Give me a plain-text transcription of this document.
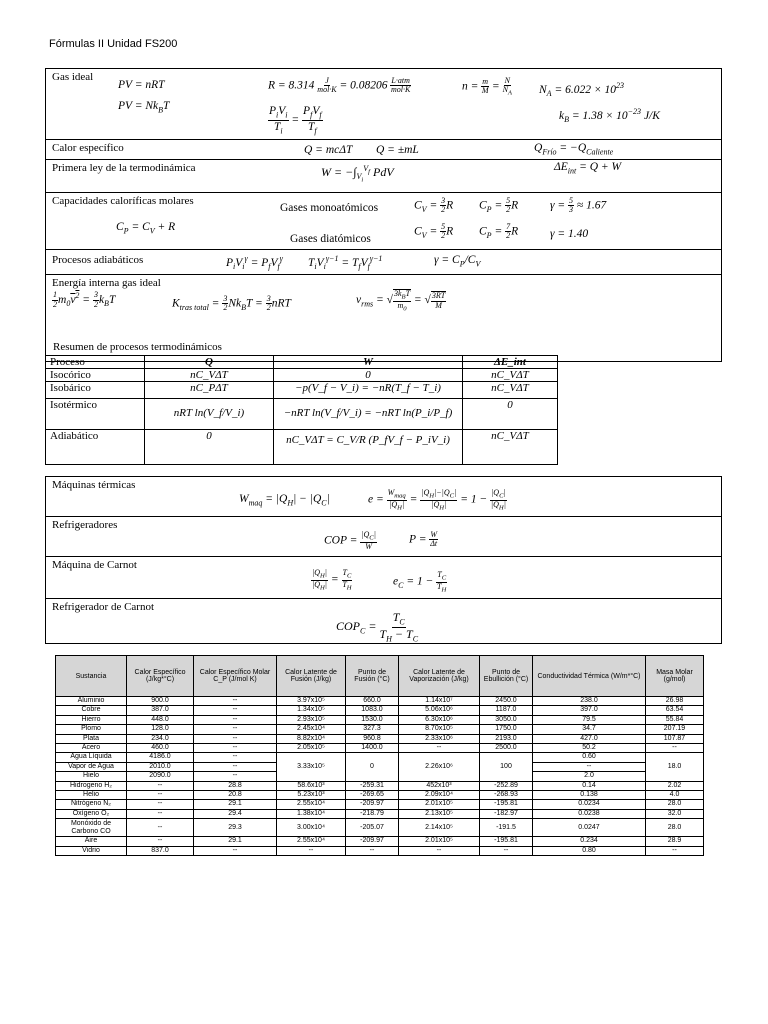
Fórmulas II Unidad FS200
Gas ideal
PV = nRT
PV = $Nk_BT$
$R = 8.314 \frac{J}{\text{mol·K}} = 0.08206 \frac{\text{L·atm}}{\text{mol·K}}$	$n = \frac{m}{M} = \frac{N}{N_A} N_A = 6.022 \times 10^{23}$
$\frac{P_iV_i}{T_i} = \frac{P_fV_f}{T_f}$	$k_B = 1.38 \times 10^{-23}$ J/K
Calor específico	Q = mcΔT Q = ±mL	$Q_{Frío} = -Q_{Caliente}$
Primera ley de la termodinámica	$W = -\int_{V_i}^{V_f}$ PdV	$\Delta E_{int} = Q + W$
Capacidades caloríficas molares
$C_P = C_V + R$
Gases monoatómicos	$C_V = \frac{3}{2}$ R $C_P = \frac{5}{2}$ R	$\gamma = \frac{5}{3} \approx 1.67$
Gases diatómicos
$C_V = \frac{5}{2}$ R $C_P = \frac{7}{2}$ R	γ = 1.40
Procesos adiabáticos	$P_iV_i^\gamma = P_fV_f^\gamma$ $T_iV_i^{\gamma-1} = T_fV_f^{\gamma-1}$	$\gamma = C_P/C_V$
Energía interna gas ideal
$\frac{1}{2} m_0v^2 = \frac{3}{2} k_BT$	$K_{tras total} = \frac{3}{2} Nk_BT = \frac{3}{2}$ nRT	$v_{rms}$ = √ $\frac{3k_BT}{m_0}$ = √ $\frac{3RT}{M}$
Resumen de procesos termodinámicos
Proceso	Q	W	ΔE_int
Isocórico	nC_VΔT	0	nC_VΔT
Isobárico	nC_PΔT	−p(V_f − V_i) = −nR(T_f − T_i)	nC_VΔT
Isotérmico	nRT ln(V_f/V_i)	−nRT ln(V_f/V_i) = −nRT ln(P_i/P_f)	0
Adiabático	0	nC_VΔT = C_V/R (P_fV_f − P_iV_i)	nC_VΔT
Máquinas térmicas
$W_{maq} = |Q_H| - |Q_C|$	$e = \frac{W_{maq}}{|Q_H|} = \frac{|Q_H|-|Q_C|}{|Q_H|} = 1 - \frac{|Q_C|}{|Q_H|}$
Refrigeradores
COP = $\frac{|Q_C|}{W}$	$P = \frac{W}{\Delta t}$
Máquina de Carnot
$\frac{|Q_H|}{|Q_H|} = \frac{T_C}{T_H}$	$e_C = 1 - \frac{T_C}{T_H}$
Refrigerador de Carnot
$COP_C = \frac{T_C}{T_H - T_C}$
Sustancia	Calor Específico (J/kg*°C)	Calor Específico Molar C_P (J/mol K)	Calor Latente de Fusión (J/kg)	Punto de Fusión (°C)	Calor Latente de Vaporización (J/kg)	Punto de Ebullición (°C)	Conductividad Térmica (W/m*°C)	Masa Molar (g/mol)
Aluminio	900.0	--	3.97x10⁵	660.0	1.14x10⁷	2450.0	238.0	26.98
Cobre	387.0	--	1.34x10⁵	1083.0	5.06x10⁶	1187.0	397.0	63.54
Hierro	448.0	--	2.93x10⁵	1530.0	6.30x10⁶	3050.0	79.5	55.84
Plomo	128.0	--	2.45x10⁴	327.3	8.70x10⁵	1750.0	34.7	207.19
Plata	234.0	--	8.82x10⁴	960.8	2.33x10⁶	2193.0	427.0	107.87
Acero	460.0	--	2.05x10⁵	1400.0	--	2500.0	50.2	--
Agua Líquida	4186.0	--	3.33x10⁵	0	2.26x10⁶	100	0.60	18.0
Vapor de Agua	2010.0	--					--	
Hielo	2090.0	--					2.0	
Hidrogeno H₂	--	28.8	58.6x10³	-259.31	452x10³	-252.89	0.14	2.02
Helio	--	20.8	5.23x10³	-269.65	2.09x10⁴	-268.93	0.138	4.0
Nitrógeno N₂	--	29.1	2.55x10⁴	-209.97	2.01x10⁵	-195.81	0.0234	28.0
Oxígeno O₂	--	29.4	1.38x10⁴	-218.79	2.13x10⁵	-182.97	0.0238	32.0
Monóxido de Carbono CO	--	29.3	3.00x10⁴	-205.07	2.14x10⁵	-191.5	0.0247	28.0
Aire	--	29.1	2.55x10⁴	-209.97	2.01x10⁵	-195.81	0.234	28.9
Vidrio	837.0	--	--	--	--	--	0.80	--
